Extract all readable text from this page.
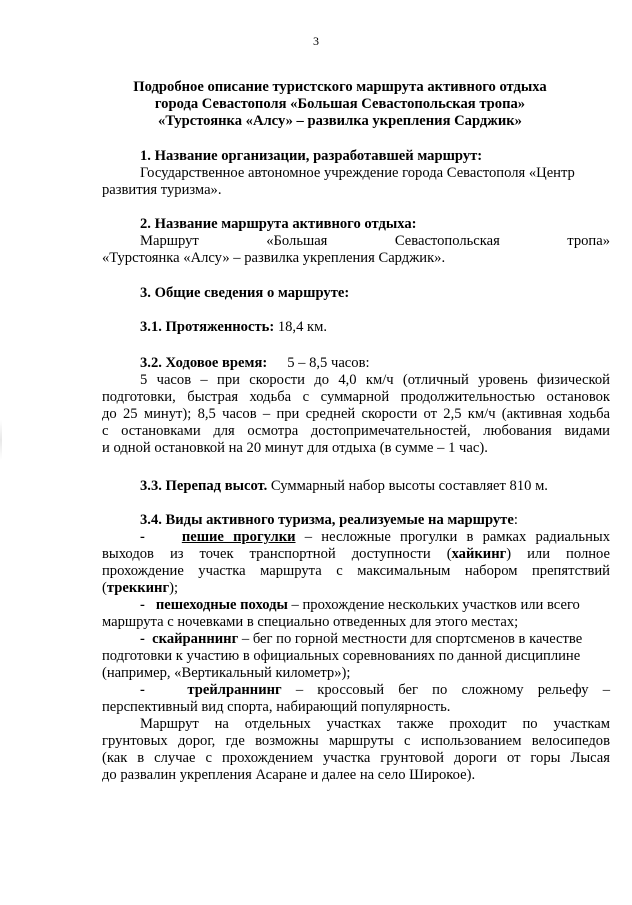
3
Подробное описание туристского маршрута активного отдыха
города Севастополя «Большая Севастопольская тропа»
«Турстоянка «Алсу» – развилка укрепления Сарджик»
1. Название организации, разработавшей маршрут:
Государственное автономное учреждение города Севастополя «Центр
развития туризма».
2. Название маршрута активного отдыха:
Маршрут	«Большая	Севастопольская	тропа»
«Турстоянка «Алсу» – развилка укрепления Сарджик».
3. Общие сведения о маршруте:
3.1. Протяженность: 18,4 км.
3.2. Ходовое время: 5 – 8,5 часов:
5 часов – при скорости до 4,0 км/ч (отличный уровень физической
подготовки, быстрая ходьба с суммарной продолжительностью остановок
до 25 минут); 8,5 часов – при средней скорости от 2,5 км/ч (активная ходьба
с остановками для осмотра достопримечательностей, любования видами
и одной остановкой на 20 минут для отдыха (в сумме – 1 час).
3.3. Перепад высот. Суммарный набор высоты составляет 810 м.
3.4. Виды активного туризма, реализуемые на маршруте:
-	пешие прогулки – несложные прогулки в рамках радиальных
выходов из точек транспортной доступности (хайкинг) или полное
прохождение участка маршрута с максимальным набором препятствий
(треккинг);
- пешеходные походы – прохождение нескольких участков или всего
маршрута с ночевками в специально отведенных для этого местах;
- скайраннинг – бег по горной местности для спортсменов в качестве
подготовки к участию в официальных соревнованиях по данной дисциплине
(например, «Вертикальный километр»);
-	трейлраннинг – кроссовый бег по сложному рельефу –
перспективный вид спорта, набирающий популярность.
Маршрут на отдельных участках также проходит по участкам
грунтовых дорог, где возможны маршруты с использованием велосипедов
(как в случае с прохождением участка грунтовой дороги от горы Лысая
до развалин укрепления Асаране и далее на село Широкое).
